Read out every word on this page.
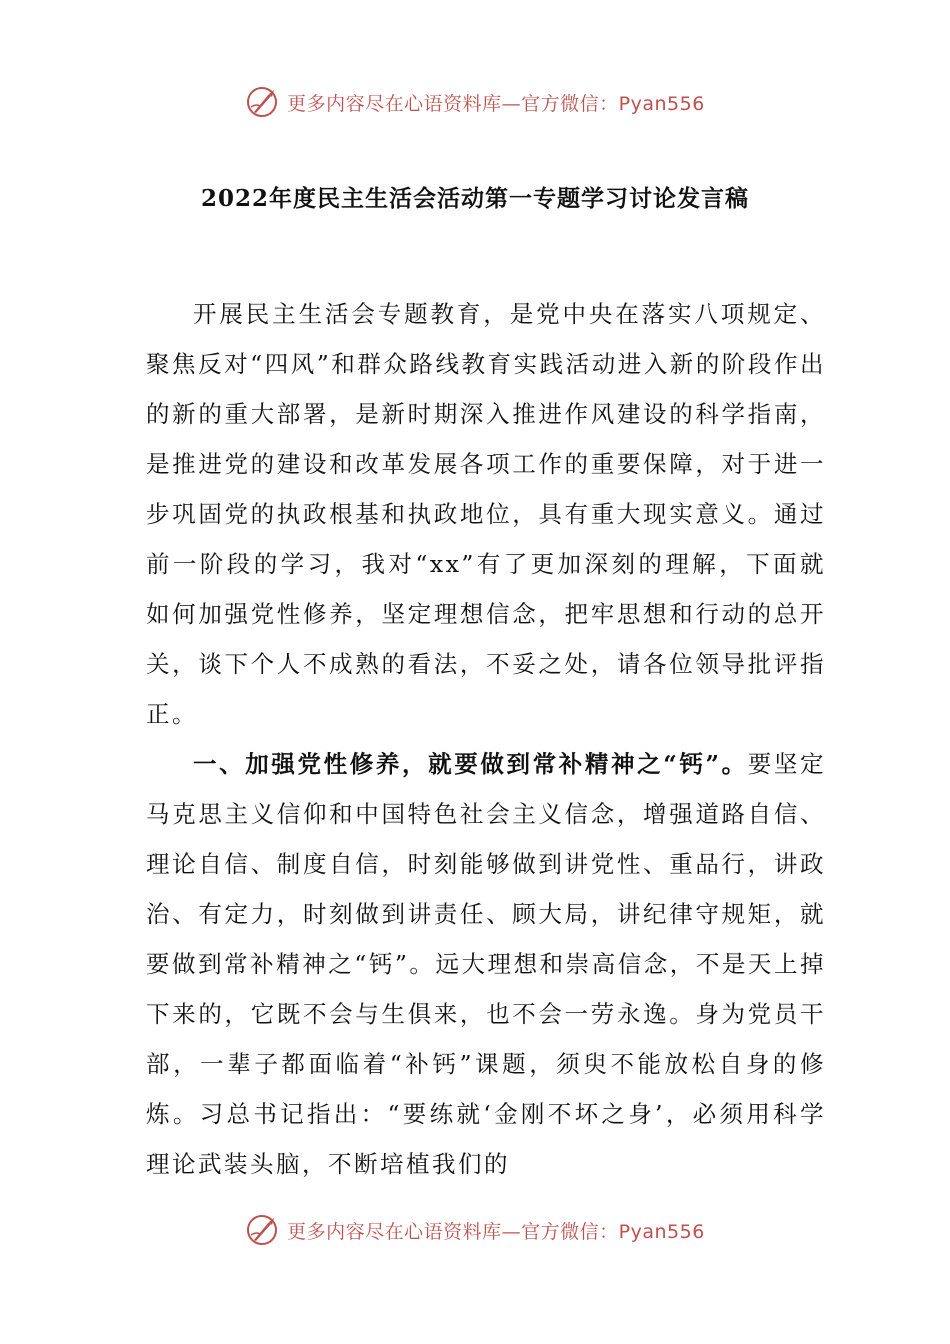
更多内容尽在心语资料库—官方微信：Pyan556
2022年度民主生活会活动第一专题学习讨论发言稿

开展民主生活会专题教育，是党中央在落实八项规定、聚焦反对“四风”和群众路线教育实践活动进入新的阶段作出的新的重大部署，是新时期深入推进作风建设的科学指南，是推进党的建设和改革发展各项工作的重要保障，对于进一步巩固党的执政根基和执政地位，具有重大现实意义。通过前一阶段的学习，我对“xx”有了更加深刻的理解，下面就如何加强党性修养，坚定理想信念，把牢思想和行动的总开关，谈下个人不成熟的看法，不妥之处，请各位领导批评指正。

一、加强党性修养，就要做到常补精神之“钙”。要坚定马克思主义信仰和中国特色社会主义信念，增强道路自信、理论自信、制度自信，时刻能够做到讲党性、重品行，讲政治、有定力，时刻做到讲责任、顾大局，讲纪律守规矩，就要做到常补精神之“钙”。远大理想和崇高信念，不是天上掉下来的，它既不会与生俱来，也不会一劳永逸。身为党员干部，一辈子都面临着“补钙”课题，须臾不能放松自身的修炼。习总书记指出：“要练就‘金刚不坏之身’，必须用科学理论武装头脑，不断培植我们的

更多内容尽在心语资料库—官方微信：Pyan556
